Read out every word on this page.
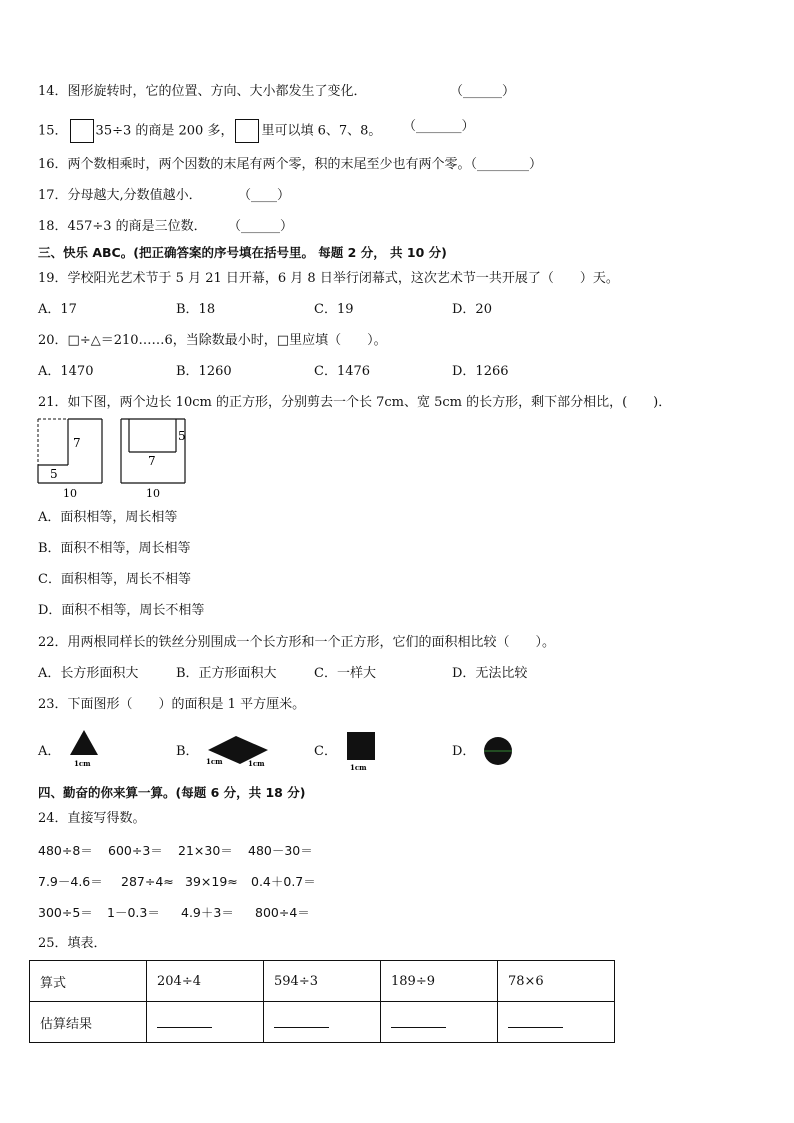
14．图形旋转时，它的位置、方向、大小都发生了变化．	（______）
15． 35÷3 的商是 200 多， 里可以填 6、7、8。 （_______）
16．两个数相乘时，两个因数的末尾有两个零，积的末尾至少也有两个零。（________）
17．分母越大,分数值越小．	（____）
18．457÷3 的商是三位数． （______）
三、快乐 ABC。(把正确答案的序号填在括号里。 每题 2 分， 共 10 分)
19．学校阳光艺术节于 5 月 21 日开幕，6 月 8 日举行闭幕式，这次艺术节一共开展了（　　）天。
A．17	B．18	C．19	D．20
20．□÷△＝210……6，当除数最小时，□里应填（　　）。
A．1470	B．1260	C．1476	D．1266
21．如下图，两个边长 10cm 的正方形，分别剪去一个长 7cm、宽 5cm 的长方形，剩下部分相比，(　　)．
7
5
10
5
7
10
A．面积相等，周长相等
B．面积不相等，周长相等
C．面积相等，周长不相等
D．面积不相等，周长不相等
22．用两根同样长的铁丝分别围成一个长方形和一个正方形，它们的面积相比较（　　）。
A．长方形面积大	B．正方形面积大	C．一样大	D．无法比较
23．下面图形（　　）的面积是 1 平方厘米。
A．
1cm
B．
1cm	1cm
C．
1cm
D．
四、勤奋的你来算一算。(每题 6 分，共 18 分)
24．直接写得数。
480÷8＝ 600÷3＝ 21×30＝ 480－30＝
7.9－4.6＝ 287÷4≈ 39×19≈ 0.4＋0.7＝
300÷5＝ 1－0.3＝ 4.9＋3＝ 800÷4＝
25．填表．
算式	204÷4	594÷3	189÷9	78×6
估算结果				
